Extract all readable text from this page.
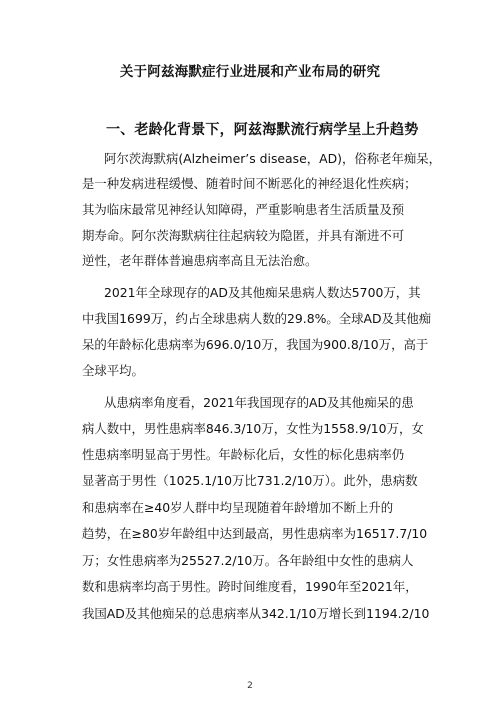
关于阿兹海默症行业进展和产业布局的研究
一、老龄化背景下，阿兹海默流行病学呈上升趋势
阿尔茨海默病(Alzheimer’s disease，AD)，俗称老年痴呆，
是一种发病进程缓慢、随着时间不断恶化的神经退化性疾病；
其为临床最常见神经认知障碍，严重影响患者生活质量及预
期寿命。阿尔茨海默病往往起病较为隐匿，并具有渐进不可
逆性，老年群体普遍患病率高且无法治愈。
2021年全球现存的AD及其他痴呆患病人数达5700万，其
中我国1699万，约占全球患病人数的29.8%。全球AD及其他痴
呆的年龄标化患病率为696.0/10万，我国为900.8/10万，高于
全球平均。
从患病率角度看，2021年我国现存的AD及其他痴呆的患
病人数中，男性患病率846.3/10万，女性为1558.9/10万，女
性患病率明显高于男性。年龄标化后，女性的标化患病率仍
显著高于男性（1025.1/10万比731.2/10万）。此外，患病数
和患病率在≥40岁人群中均呈现随着年龄增加不断上升的
趋势，在≥80岁年龄组中达到最高，男性患病率为16517.7/10
万；女性患病率为25527.2/10万。各年龄组中女性的患病人
数和患病率均高于男性。跨时间维度看，1990年至2021年，
我国AD及其他痴呆的总患病率从342.1/10万增长到1194.2/10
2
